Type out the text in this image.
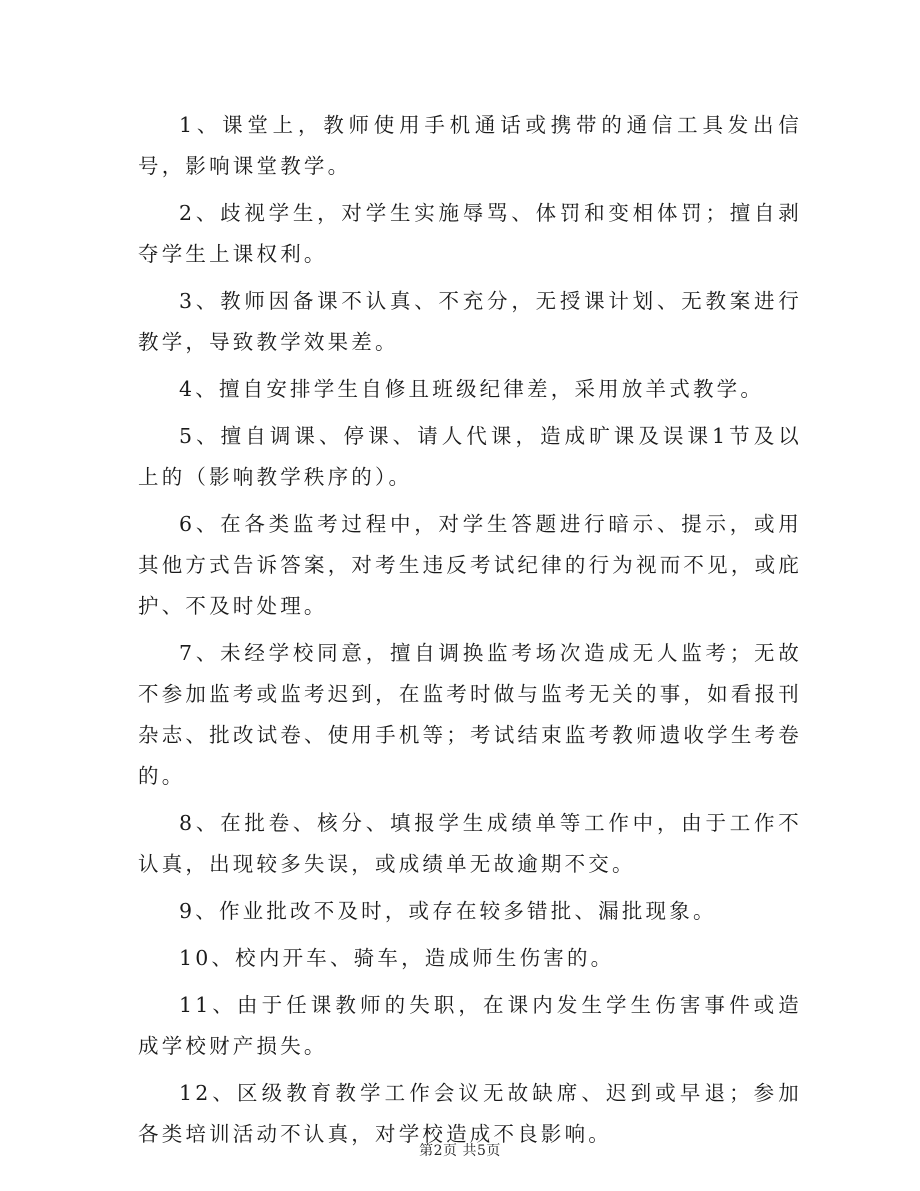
1、课堂上，教师使用手机通话或携带的通信工具发出信号，影响课堂教学。

2、歧视学生，对学生实施辱骂、体罚和变相体罚；擅自剥夺学生上课权利。

3、教师因备课不认真、不充分，无授课计划、无教案进行教学，导致教学效果差。

4、擅自安排学生自修且班级纪律差，采用放羊式教学。

5、擅自调课、停课、请人代课，造成旷课及误课1节及以上的（影响教学秩序的）。

6、在各类监考过程中，对学生答题进行暗示、提示，或用其他方式告诉答案，对考生违反考试纪律的行为视而不见，或庇护、不及时处理。

7、未经学校同意，擅自调换监考场次造成无人监考；无故不参加监考或监考迟到，在监考时做与监考无关的事，如看报刊杂志、批改试卷、使用手机等；考试结束监考教师遗收学生考卷的。

8、在批卷、核分、填报学生成绩单等工作中，由于工作不认真，出现较多失误，或成绩单无故逾期不交。

9、作业批改不及时，或存在较多错批、漏批现象。

10、校内开车、骑车，造成师生伤害的。

11、由于任课教师的失职，在课内发生学生伤害事件或造成学校财产损失。

12、区级教育教学工作会议无故缺席、迟到或早退；参加各类培训活动不认真，对学校造成不良影响。

第2页 共5页
